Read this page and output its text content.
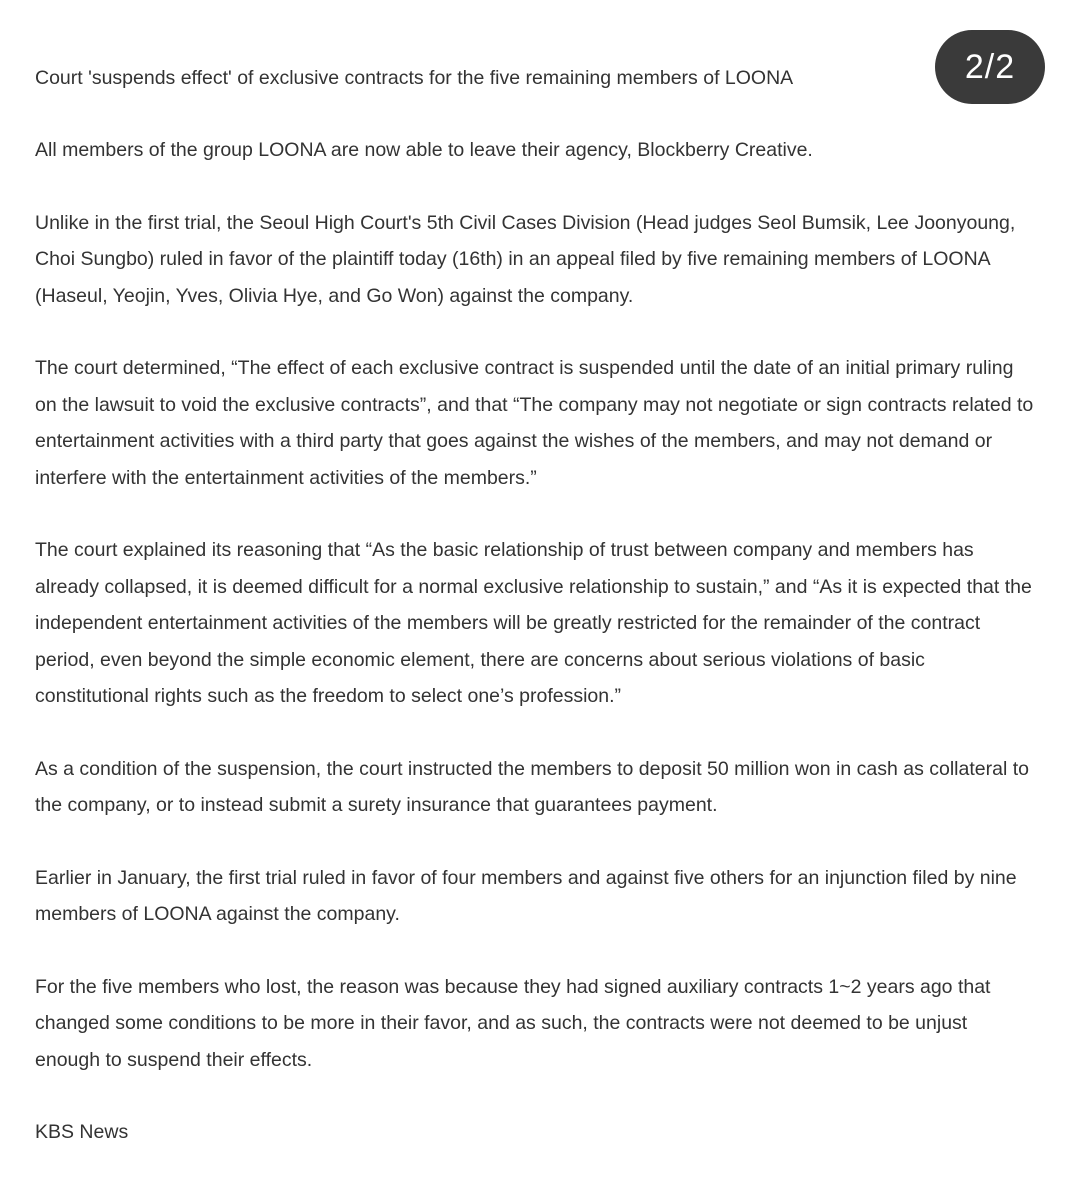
2/2
Court 'suspends effect' of exclusive contracts for the five remaining members of LOONA

All members of the group LOONA are now able to leave their agency, Blockberry Creative.

Unlike in the first trial, the Seoul High Court's 5th Civil Cases Division (Head judges Seol Bumsik, Lee Joonyoung, Choi Sungbo) ruled in favor of the plaintiff today (16th) in an appeal filed by five remaining members of LOONA (Haseul, Yeojin, Yves, Olivia Hye, and Go Won) against the company.

The court determined, “The effect of each exclusive contract is suspended until the date of an initial primary ruling on the lawsuit to void the exclusive contracts”, and that “The company may not negotiate or sign contracts related to entertainment activities with a third party that goes against the wishes of the members, and may not demand or interfere with the entertainment activities of the members.”

The court explained its reasoning that “As the basic relationship of trust between company and members has already collapsed, it is deemed difficult for a normal exclusive relationship to sustain,” and “As it is expected that the independent entertainment activities of the members will be greatly restricted for the remainder of the contract period, even beyond the simple economic element, there are concerns about serious violations of basic constitutional rights such as the freedom to select one’s profession.”

As a condition of the suspension, the court instructed the members to deposit 50 million won in cash as collateral to the company, or to instead submit a surety insurance that guarantees payment.

Earlier in January, the first trial ruled in favor of four members and against five others for an injunction filed by nine members of LOONA against the company.

For the five members who lost, the reason was because they had signed auxiliary contracts 1~2 years ago that changed some conditions to be more in their favor, and as such, the contracts were not deemed to be unjust enough to suspend their effects.

KBS News
